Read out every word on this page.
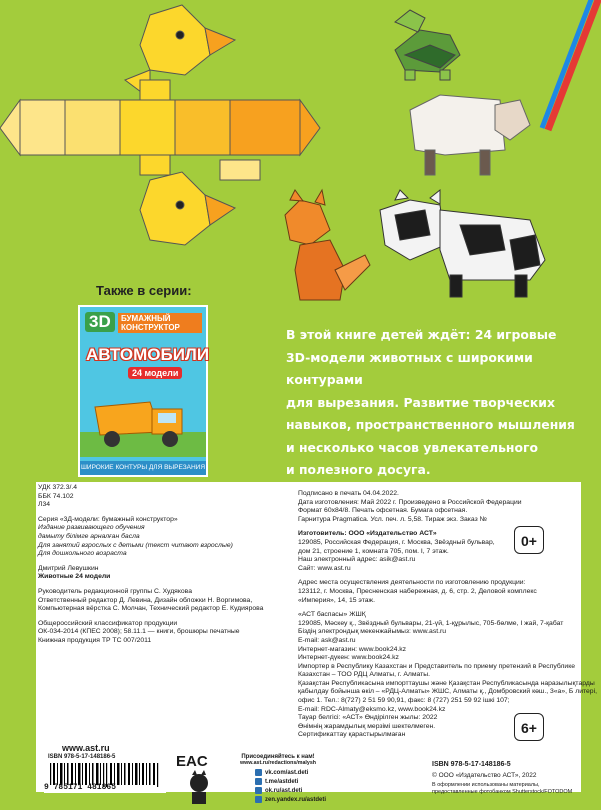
Также в серии:
3D	БУМАЖНЫЙ КОНСТРУКТОР
АВТОМОБИЛИ
24 модели
ШИРОКИЕ КОНТУРЫ ДЛЯ ВЫРЕЗАНИЯ
В этой книге детей ждёт: 24 игровые
3D-модели животных с широкими контурами
для вырезания. Развитие творческих
навыков, пространственного мышления
и несколько часов увлекательного
и полезного досуга.
УДК 372.3/.4
ББК 74.102
Л34
Серия «3Д-модели: бумажный конструктор»
Издание развивающего обучения
дамыту бiлiмге арналған басла
Для занятий взрослых с детьми (текст читают взрослые)
Для дошкольного возраста
Дмитрий Левушкин
Животные 24 модели
Руководитель редакционной группы С. Худякова
Ответственный редактор Д. Левина, Дизайн обложки Н. Воргимова,
Компьютерная вёрстка С. Молчан, Технический редактор Е. Кудиярова
Общероссийский классификатор продукции
ОК-034-2014 (КПЕС 2008); 58.11.1 — книги, брошюры печатные
Книжная продукция ТР ТС 007/2011
Подписано в печать 04.04.2022.
Дата изготовления: Май 2022 г. Произведено в Российской Федерации
Формат 60x84/8. Печать офсетная. Бумага офсетная.
Гарнитура Pragmatica. Усл. печ. л. 5,58. Тираж экз. Заказ №
Изготовитель: ООО «Издательство АСТ»
129085, Российская Федерация, г. Москва, Звёздный бульвар,
дом 21, строение 1, комната 705, пом. I, 7 этаж.
Наш электронный адрес: asik@ast.ru
Сайт: www.ast.ru
Адрес места осуществления деятельности по изготовлению продукции:
123112, г. Москва, Пресненская набережная, д. 6, стр. 2, Деловой комплекс
«Империя», 14, 15 этаж.
«АСТ баспасы» ЖШҚ
129085, Мәскеу қ., Звёздный бульвары, 21-үй, 1-құрылыс, 705-бөлме, I жай, 7-қабат
Біздің электрондық мекенжайымыз: www.ast.ru
E-mail: ask@ast.ru
Интернет-магазин: www.book24.kz
Интернет-дүкен: www.book24.kz
Импортер в Республику Казахстан и Представитель по приему претензий в Республике
Казахстан – ТОО РДЦ Алматы, г. Алматы.
Қазақстан Республикасына импорттаушы және Қазақстан Республикасында наразылықтарды
қабылдау бойынша өкіл – «РДЦ-Алматы» ЖШС, Алматы қ., Домбровский көш., 3«а», Б литері,
офис 1. Тел.: 8(727) 2 51 59 90,91, факс: 8 (727) 251 59 92 ішкі 107;
E-mail: RDC-Almaty@eksmo.kz, www.book24.kz
Тауар белгісі: «АСТ» Өндірілген жылы: 2022
Өнімнің жарамдылық мерзімі шектелмеген.
Сертификаттау қарастырылмаған
0+
6+
www.ast.ru
ISBN 978-5-17-148186-5
9 785171 481865
EAC	Присоединяйтесь к нам!
www.ast.ru/redactions/malysh
vk.com/ast.deti
t.me/astdeti
ok.ru/ast.deti
zen.yandex.ru/astdeti
ISBN 978-5-17-148186-5
© ООО «Издательство АСТ», 2022
В оформлении использованы материалы, предоставленные фотобанком Shutterstock/FOTODOM
